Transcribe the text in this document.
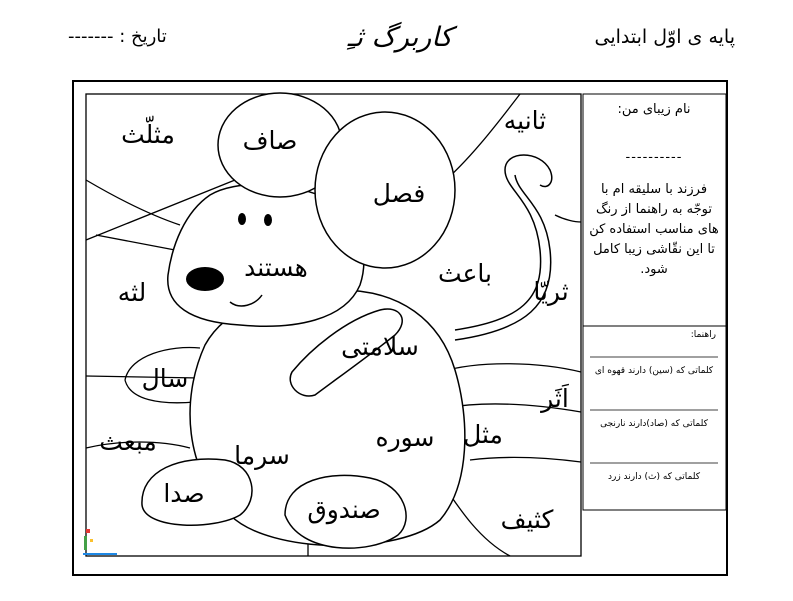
پایه ی اوّل ابتدایی
کاربرگ ثـِ
تاریخ : -------
مثلّث	صاف
ثانیه
فصل
هستند	باعث
ثریّا
لثه
سلامتی
سال
اَثَر
مبعث	سوره مثل
سرما
صدا
صندوق	کثیف
نام زیبای من:
----------
فرزند با سلیقه ام با توجّه به راهنما از رنگ های مناسب استفاده کن تا این نقّاشی زیبا کامل شود.
راهنما:
کلماتی که (سین) دارند قهوه ای
کلماتی که (صاد)دارند نارنجی
کلماتی که (ث) دارند زرد
